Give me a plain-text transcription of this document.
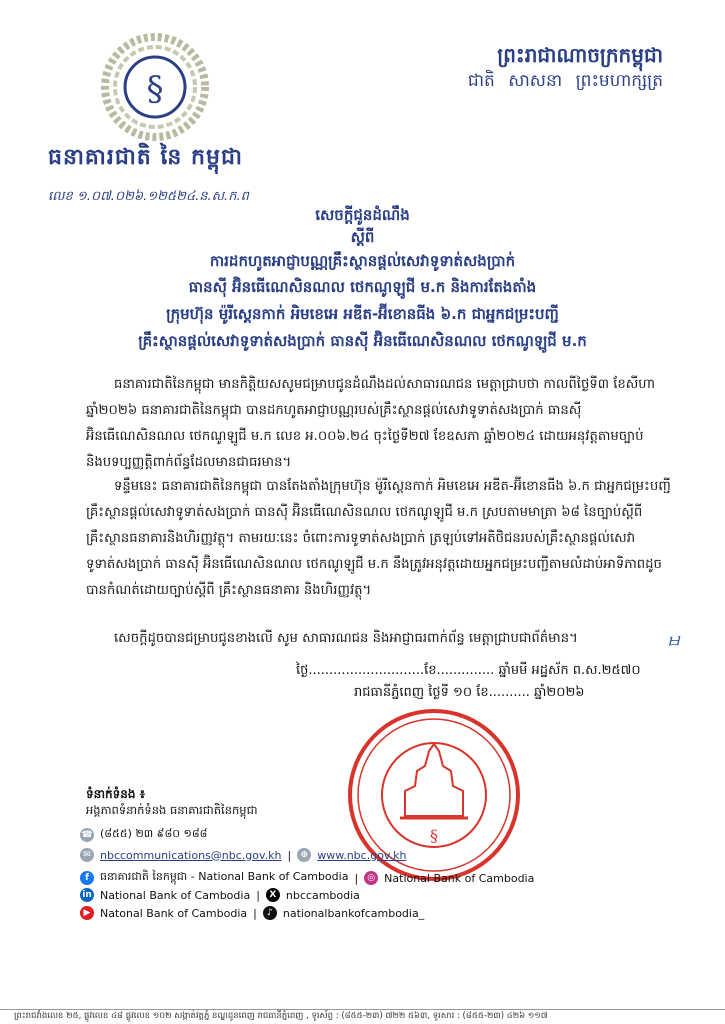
§
ធនាគារជាតិ នៃ កម្ពុជា
ព្រះរាជាណាចក្រកម្ពុជា
ជាតិ សាសនា ព្រះមហាក្សត្រ
លេខ ១.០៧.០២៦.១២៥២៤.ន.ស.ក.ព
សេចក្តីជូនដំណឹង
ស្តីពី
ការដកហូតអាជ្ញាបណ្ណគ្រឹះស្ថានផ្តល់សេវាទូទាត់សងប្រាក់
ធានស៊ី អ៊ិនធើណេសិនណល ថេកណូឡូជី ម.ក និងការតែងតាំង
ក្រុមហ៊ុន ម៉ូរីស្តេនកាក់ អិមខេអេ អឌីត-អ៊ីខោនធីង ៦.ក ជាអ្នកជម្រះបញ្ជី
គ្រឹះស្ថានផ្តល់សេវាទូទាត់សងប្រាក់ ធានស៊ី អ៊ិនធើណេសិនណល ថេកណូឡូជី ម.ក
ធនាគារជាតិនៃកម្ពុជា មានកិត្តិយសសូមជម្រាបជូនដំណឹងដល់សាធារណជន មេត្តាជ្រាបថា កាលពីថ្ងៃទី៣ ខែសីហា ឆ្នាំ២០២៦ ធនាគារជាតិនៃកម្ពុជា បានដកហូតអាជ្ញាបណ្ណរបស់គ្រឹះស្ថានផ្តល់សេវាទូទាត់សងប្រាក់ ធានស៊ី អ៊ិនធើណេសិនណល ថេកណូឡូជី ម.ក លេខ អ.០០៦.២៤ ចុះថ្ងៃទី២៧ ខែឧសភា ឆ្នាំ២០២៤ ដោយអនុវត្តតាមច្បាប់ និងបទប្បញ្ញត្តិពាក់ព័ន្ធដែលមានជាធរមាន។
ទន្ទឹមនេះ ធនាគារជាតិនៃកម្ពុជា បានតែងតាំងក្រុមហ៊ុន ម៉ូរីស្តេនកាក់ អិមខេអេ អឌីត-អ៊ីខោនធីង ៦.ក ជាអ្នកជម្រះបញ្ជីគ្រឹះស្ថានផ្តល់សេវាទូទាត់សងប្រាក់ ធានស៊ី អ៊ិនធើណេសិនណល ថេកណូឡូជី ម.ក ស្របតាមមាត្រា ៦៨ នៃច្បាប់ស្តីពី គ្រឹះស្ថានធនាគារនិងហិរញ្ញវត្ថុ។ តាមរយៈនេះ ចំពោះការទូទាត់សងប្រាក់ ត្រឡប់ទៅអតិថិជនរបស់គ្រឹះស្ថានផ្តល់សេវាទូទាត់សងប្រាក់ ធានស៊ី អ៊ិនធើណេសិនណល ថេកណូឡូជី ម.ក នឹងត្រូវអនុវត្តដោយអ្នកជម្រះបញ្ជីតាមលំដាប់អាទិភាពដូចបានកំណត់ដោយច្បាប់ស្តីពី គ្រឹះស្ថានធនាគារ និងហិរញ្ញវត្ថុ។
សេចក្តីដូចបានជម្រាបជូនខាងលើ សូម សាធារណជន និងអាជ្ញាធរពាក់ព័ន្ធ មេត្តាជ្រាបជាព័ត៌មាន។	ㅂ
ថ្ងៃ............................ខែ.............. ឆ្នាំមមី អដ្ឋស័ក ព.ស.២៥៧០
រាជធានីភ្នំពេញ ថ្ងៃទី ១០ ខែ.......... ឆ្នាំ២០២៦
§
ទំនាក់ទំនង ៖
អង្គភាពទំនាក់ទំនង ធនាគារជាតិនៃកម្ពុជា
☎ (៨៥៥) ២៣ ៩៨០ ១៨៨
✉ nbccommunications@nbc.gov.kh |	⊕ www.nbc.gov.kh
f	ធនាគារជាតិ នៃកម្ពុជា - National Bank of Cambodia |	◎ National Bank of Cambodia
in National Bank of Cambodia |	X nbccambodia
▶ Natonal Bank of Cambodia |	♪ nationalbankofcambodia_
ព្រះរាជវាំងលេខ ២៥, ផ្លូវលេខ ៤៨ ផ្លូវលេខ ១០២ សង្កាត់វត្តភ្នំ ខណ្ឌដូនពេញ រាជធានីភ្នំពេញ , ទូរស័ព្ទ : (៨៥៥-២៣) ៧២២ ៥៦៣, ទូរសារ : (៨៥៥-២៣) ៤២៦ ១១៧
